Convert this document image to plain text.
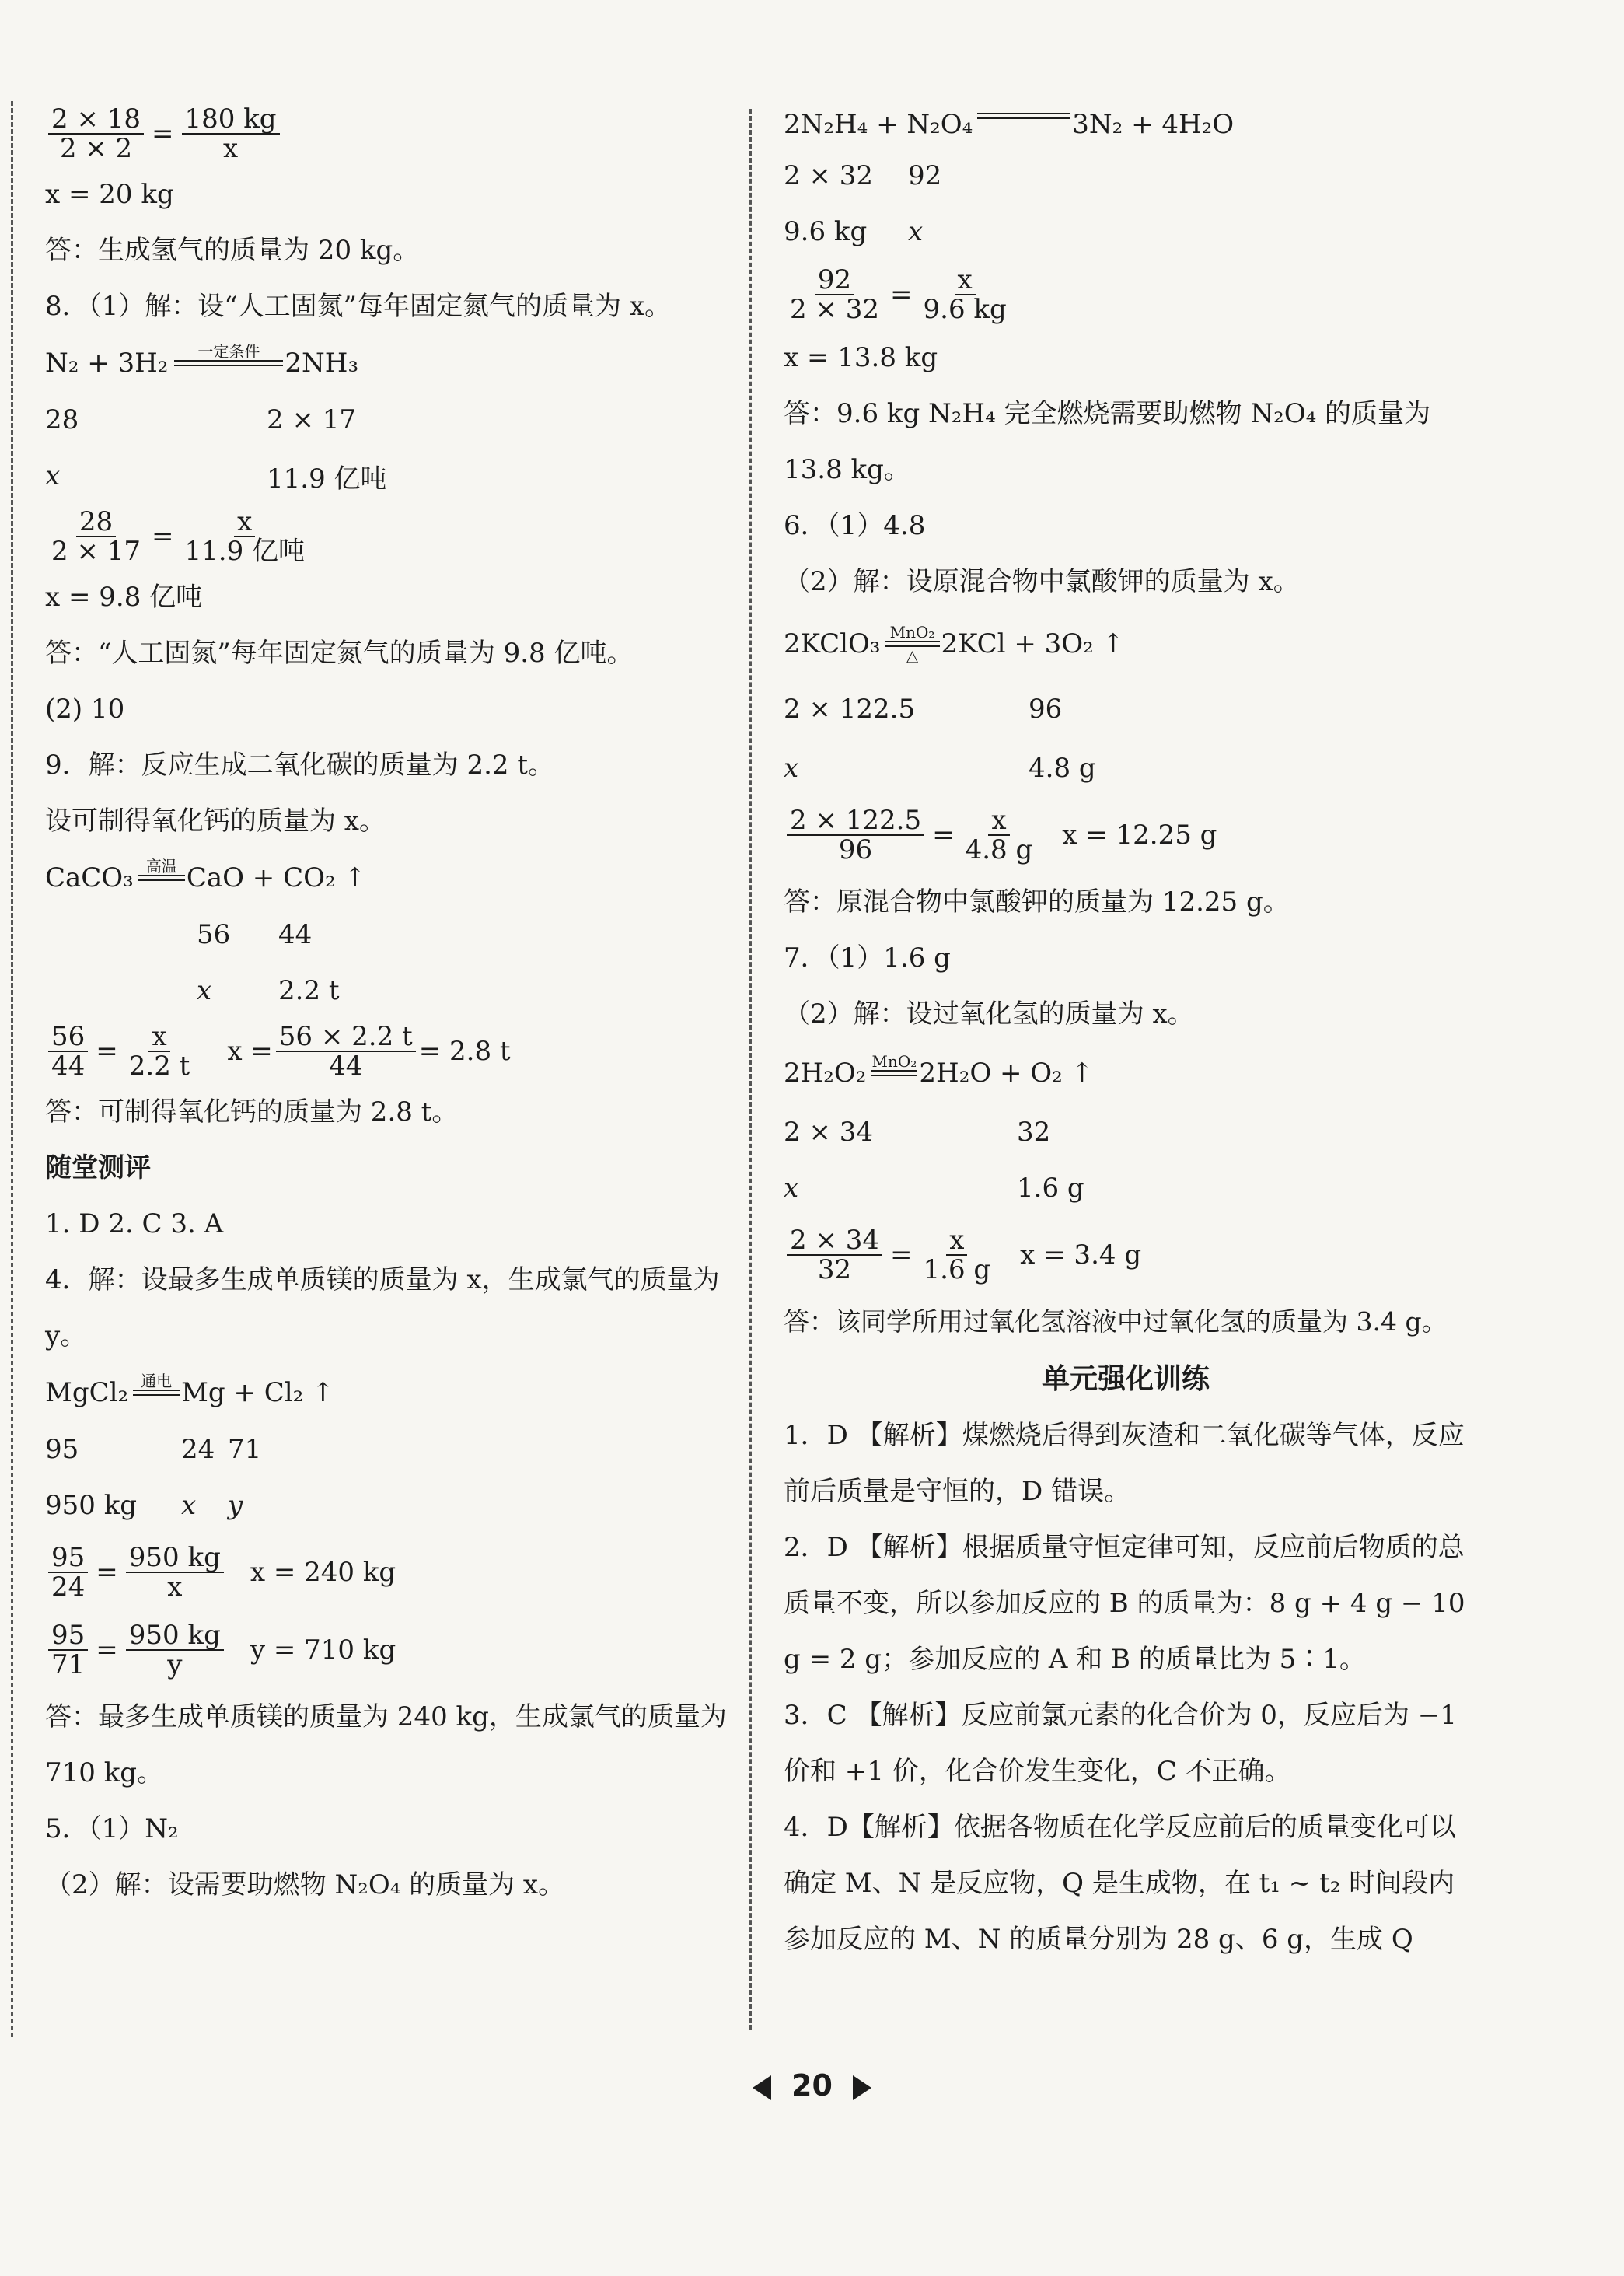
$\frac{2 \times 18}{2 \times 2} = \frac{180 kg}{x}$

x = 20 kg

答：生成氢气的质量为 20 kg。

8．（1）解：设“人工固氮”每年固定氮气的质量为 x。

N₂ + 3H₂ 一定条件 2NH₃
28	2 × 17
x	11.9 亿吨
$\frac{28}{2 \times 17} = \frac{x}{\text{11.9 亿吨}}$

x = 9.8 亿吨

答：“人工固氮”每年固定氮气的质量为 9.8 亿吨。

(2) 10

9．解：反应生成二氧化碳的质量为 2.2 t。

设可制得氧化钙的质量为 x。

CaCO₃ 高温 CaO + CO₂ ↑
56	44
x	2.2 t
$\frac{56}{44} = \frac{x}{2.2 t}$ $x = \frac{56 \times 2.2 t}{44} = 2.8$ t

答：可制得氧化钙的质量为 2.8 t。

随堂测评

1. D 2. C 3. A

4．解：设最多生成单质镁的质量为 x，生成氯气的质量为 y。

MgCl₂ 通电 Mg + Cl₂ ↑
95	24 71
950 kg	x	y
$\frac{95}{24} = \frac{950 kg}{x}$ x = 240 kg
$\frac{95}{71} = \frac{950 kg}{y}$ y = 710 kg

答：最多生成单质镁的质量为 240 kg，生成氯气的质量为 710 kg。

5．（1）N₂

（2）解：设需要助燃物 N₂O₄ 的质量为 x。

2N₂H₄ + N₂O₄	3N₂ + 4H₂O
2 × 32	92
9.6 kg	x
$\frac{92}{2 \times 32} = \frac{x}{9.6 kg}$

x = 13.8 kg

答：9.6 kg N₂H₄ 完全燃烧需要助燃物 N₂O₄ 的质量为 13.8 kg。

6．（1）4.8

（2）解：设原混合物中氯酸钾的质量为 x。

2KClO₃ MnO₂
△ 2KCl + 3O₂ ↑
2 × 122.5	96
x	4.8 g
$\frac{2 \times 122.5}{96} = \frac{x}{4.8 g}$ x = 12.25 g

答：原混合物中氯酸钾的质量为 12.25 g。

7．（1）1.6 g

（2）解：设过氧化氢的质量为 x。

2H₂O₂ MnO₂ 2H₂O + O₂ ↑
2 × 34	32
x	1.6 g
$\frac{2 \times 34}{32} = \frac{x}{1.6 g}$ x = 3.4 g

答：该同学所用过氧化氢溶液中过氧化氢的质量为 3.4 g。

单元强化训练

1．D 【解析】煤燃烧后得到灰渣和二氧化碳等气体，反应前后质量是守恒的，D 错误。

2．D 【解析】根据质量守恒定律可知，反应前后物质的总质量不变，所以参加反应的 B 的质量为：8 g + 4 g − 10 g = 2 g；参加反应的 A 和 B 的质量比为 5∶1。

3．C 【解析】反应前氯元素的化合价为 0，反应后为 −1 价和 +1 价，化合价发生变化，C 不正确。

4．D【解析】依据各物质在化学反应前后的质量变化可以确定 M、N 是反应物，Q 是生成物，在 t₁ ~ t₂ 时间段内参加反应的 M、N 的质量分别为 28 g、6 g，生成 Q

20
